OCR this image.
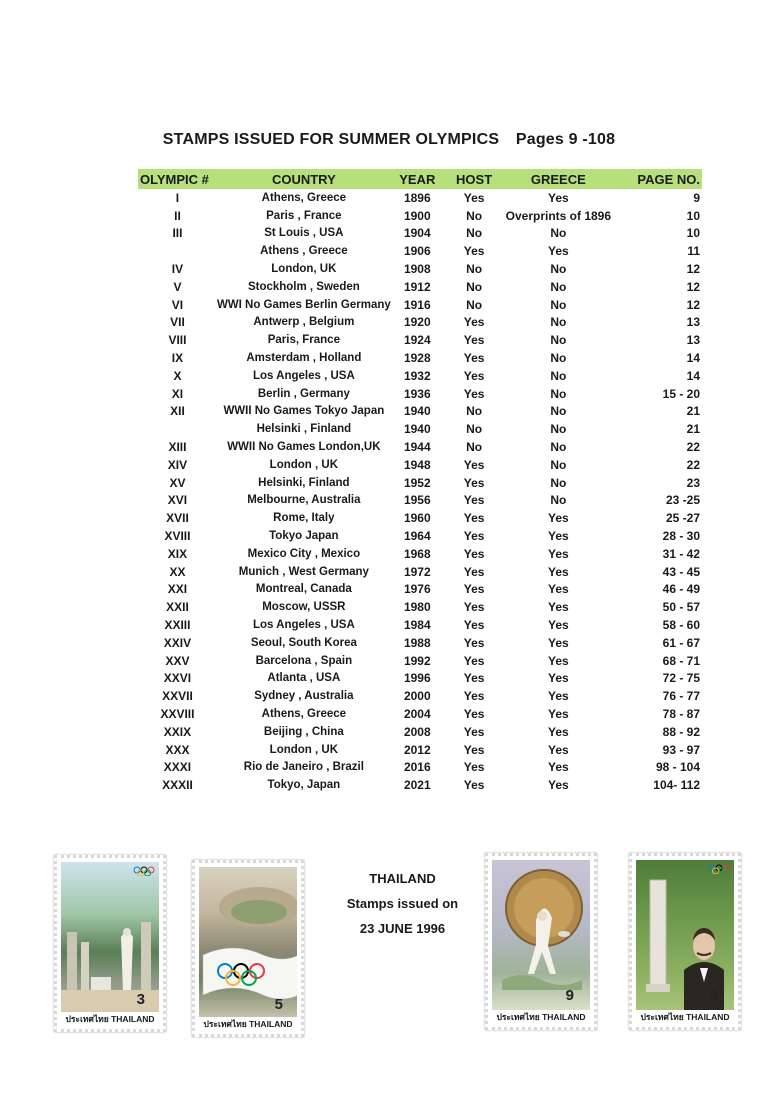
STAMPS ISSUED FOR SUMMER OLYMPICS Pages 9 -108
OLYMPIC #	COUNTRY	YEAR	HOST	GREECE	PAGE NO.
I	Athens, Greece	1896	Yes	Yes	9
II	Paris , France	1900	No	Overprints of 1896	10
III	St Louis , USA	1904	No	No	10
	Athens , Greece	1906	Yes	Yes	11
IV	London, UK	1908	No	No	12
V	Stockholm , Sweden	1912	No	No	12
VI	WWI No Games Berlin Germany	1916	No	No	12
VII	Antwerp , Belgium	1920	Yes	No	13
VIII	Paris, France	1924	Yes	No	13
IX	Amsterdam , Holland	1928	Yes	No	14
X	Los Angeles , USA	1932	Yes	No	14
XI	Berlin , Germany	1936	Yes	No	15 - 20
XII	WWII No Games Tokyo Japan	1940	No	No	21
	Helsinki , Finland	1940	No	No	21
XIII	WWII No Games London,UK	1944	No	No	22
XIV	London , UK	1948	Yes	No	22
XV	Helsinki, Finland	1952	Yes	No	23
XVI	Melbourne, Australia	1956	Yes	No	23 -25
XVII	Rome, Italy	1960	Yes	Yes	25 -27
XVIII	Tokyo Japan	1964	Yes	Yes	28 - 30
XIX	Mexico City , Mexico	1968	Yes	Yes	31 - 42
XX	Munich , West Germany	1972	Yes	Yes	43 - 45
XXI	Montreal, Canada	1976	Yes	Yes	46 - 49
XXII	Moscow, USSR	1980	Yes	Yes	50 - 57
XXIII	Los Angeles , USA	1984	Yes	Yes	58 - 60
XXIV	Seoul, South Korea	1988	Yes	Yes	61 - 67
XXV	Barcelona , Spain	1992	Yes	Yes	68 - 71
XXVI	Atlanta , USA	1996	Yes	Yes	72 - 75
XXVII	Sydney , Australia	2000	Yes	Yes	76 - 77
XXVIII	Athens, Greece	2004	Yes	Yes	78 - 87
XXIX	Beijing , China	2008	Yes	Yes	88 - 92
XXX	London , UK	2012	Yes	Yes	93 - 97
XXXI	Rio de Janeiro , Brazil	2016	Yes	Yes	98 - 104
XXXII	Tokyo, Japan	2021	Yes	Yes	104- 112
THAILAND
Stamps issued on
23 JUNE 1996
3
ประเทศไทย THAILAND
5
ประเทศไทย THAILAND
9
ประเทศไทย THAILAND
2
ประเทศไทย THAILAND
